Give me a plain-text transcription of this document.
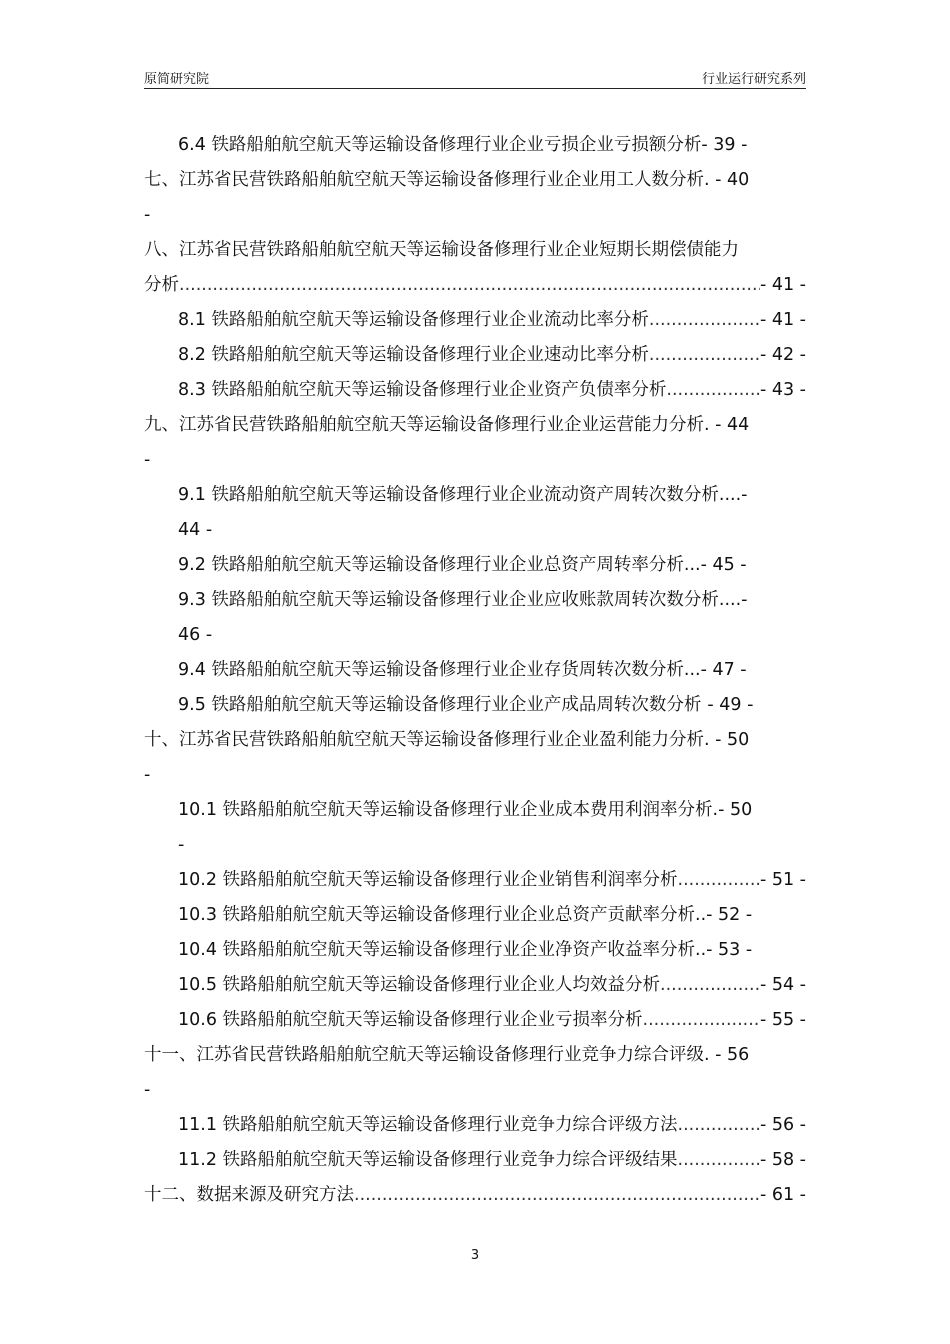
原简研究院	行业运行研究系列
6.4 铁路船舶航空航天等运输设备修理行业企业亏损企业亏损额分析- 39 -
七、江苏省民营铁路船舶航空航天等运输设备修理行业企业用工人数分析. - 40
-
八、江苏省民营铁路船舶航空航天等运输设备修理行业企业短期长期偿债能力
分析 .....	- 41 -
8.1 铁路船舶航空航天等运输设备修理行业企业流动比率分析 .....	- 41 -
8.2 铁路船舶航空航天等运输设备修理行业企业速动比率分析 .....	- 42 -
8.3 铁路船舶航空航天等运输设备修理行业企业资产负债率分析 .....	- 43 -
九、江苏省民营铁路船舶航空航天等运输设备修理行业企业运营能力分析. - 44
-
9.1 铁路船舶航空航天等运输设备修理行业企业流动资产周转次数分析....-
44 -
9.2 铁路船舶航空航天等运输设备修理行业企业总资产周转率分析...- 45 -
9.3 铁路船舶航空航天等运输设备修理行业企业应收账款周转次数分析....-
46 -
9.4 铁路船舶航空航天等运输设备修理行业企业存货周转次数分析...- 47 -
9.5 铁路船舶航空航天等运输设备修理行业企业产成品周转次数分析 - 49 -
十、江苏省民营铁路船舶航空航天等运输设备修理行业企业盈利能力分析. - 50
-
10.1 铁路船舶航空航天等运输设备修理行业企业成本费用利润率分析.- 50
-
10.2 铁路船舶航空航天等运输设备修理行业企业销售利润率分析 .....	- 51 -
10.3 铁路船舶航空航天等运输设备修理行业企业总资产贡献率分析..- 52 -
10.4 铁路船舶航空航天等运输设备修理行业企业净资产收益率分析..- 53 -
10.5 铁路船舶航空航天等运输设备修理行业企业人均效益分析 .....	- 54 -
10.6 铁路船舶航空航天等运输设备修理行业企业亏损率分析 .....	- 55 -
十一、江苏省民营铁路船舶航空航天等运输设备修理行业竞争力综合评级. - 56
-
11.1 铁路船舶航空航天等运输设备修理行业竞争力综合评级方法 .....	- 56 -
11.2 铁路船舶航空航天等运输设备修理行业竞争力综合评级结果 .....	- 58 -
十二、数据来源及研究方法 .....	- 61 -
3
